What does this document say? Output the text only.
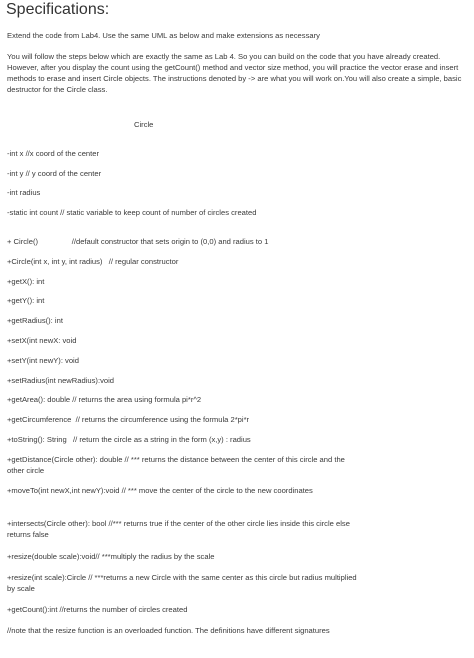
Specifications:

Extend the code from Lab4. Use the same UML as below and make extensions as necessary

You will follow the steps below which are exactly the same as Lab 4. So you can build on the code that you have already created. However, after you display the count using the getCount() method and vector size method, you will practice the vector erase and insert methods to erase and insert Circle objects. The instructions denoted by -> are what you will work on.You will also create a simple, basic destructor for the Circle class.

Circle
-int x //x coord of the center
-int y // y coord of the center
-int radius
-static int count // static variable to keep count of number of circles created
+ Circle()                //default constructor that sets origin to (0,0) and radius to 1
+Circle(int x, int y, int radius)   // regular constructor
+getX(): int
+getY(): int
+getRadius(): int
+setX(int newX: void
+setY(int newY): void
+setRadius(int newRadius):void
+getArea(): double // returns the area using formula pi*r^2
+getCircumference  // returns the circumference using the formula 2*pi*r
+toString(): String   // return the circle as a string in the form (x,y) : radius
+getDistance(Circle other): double // *** returns the distance between the center of this circle and the other circle
+moveTo(int newX,int newY):void // *** move the center of the circle to the new coordinates
+intersects(Circle other): bool //*** returns true if the center of the other circle lies inside this circle else returns false
+resize(double scale):void// ***multiply the radius by the scale
+resize(int scale):Circle // ***returns a new Circle with the same center as this circle but radius multiplied by scale
+getCount():int //returns the number of circles created
//note that the resize function is an overloaded function. The definitions have different signatures
